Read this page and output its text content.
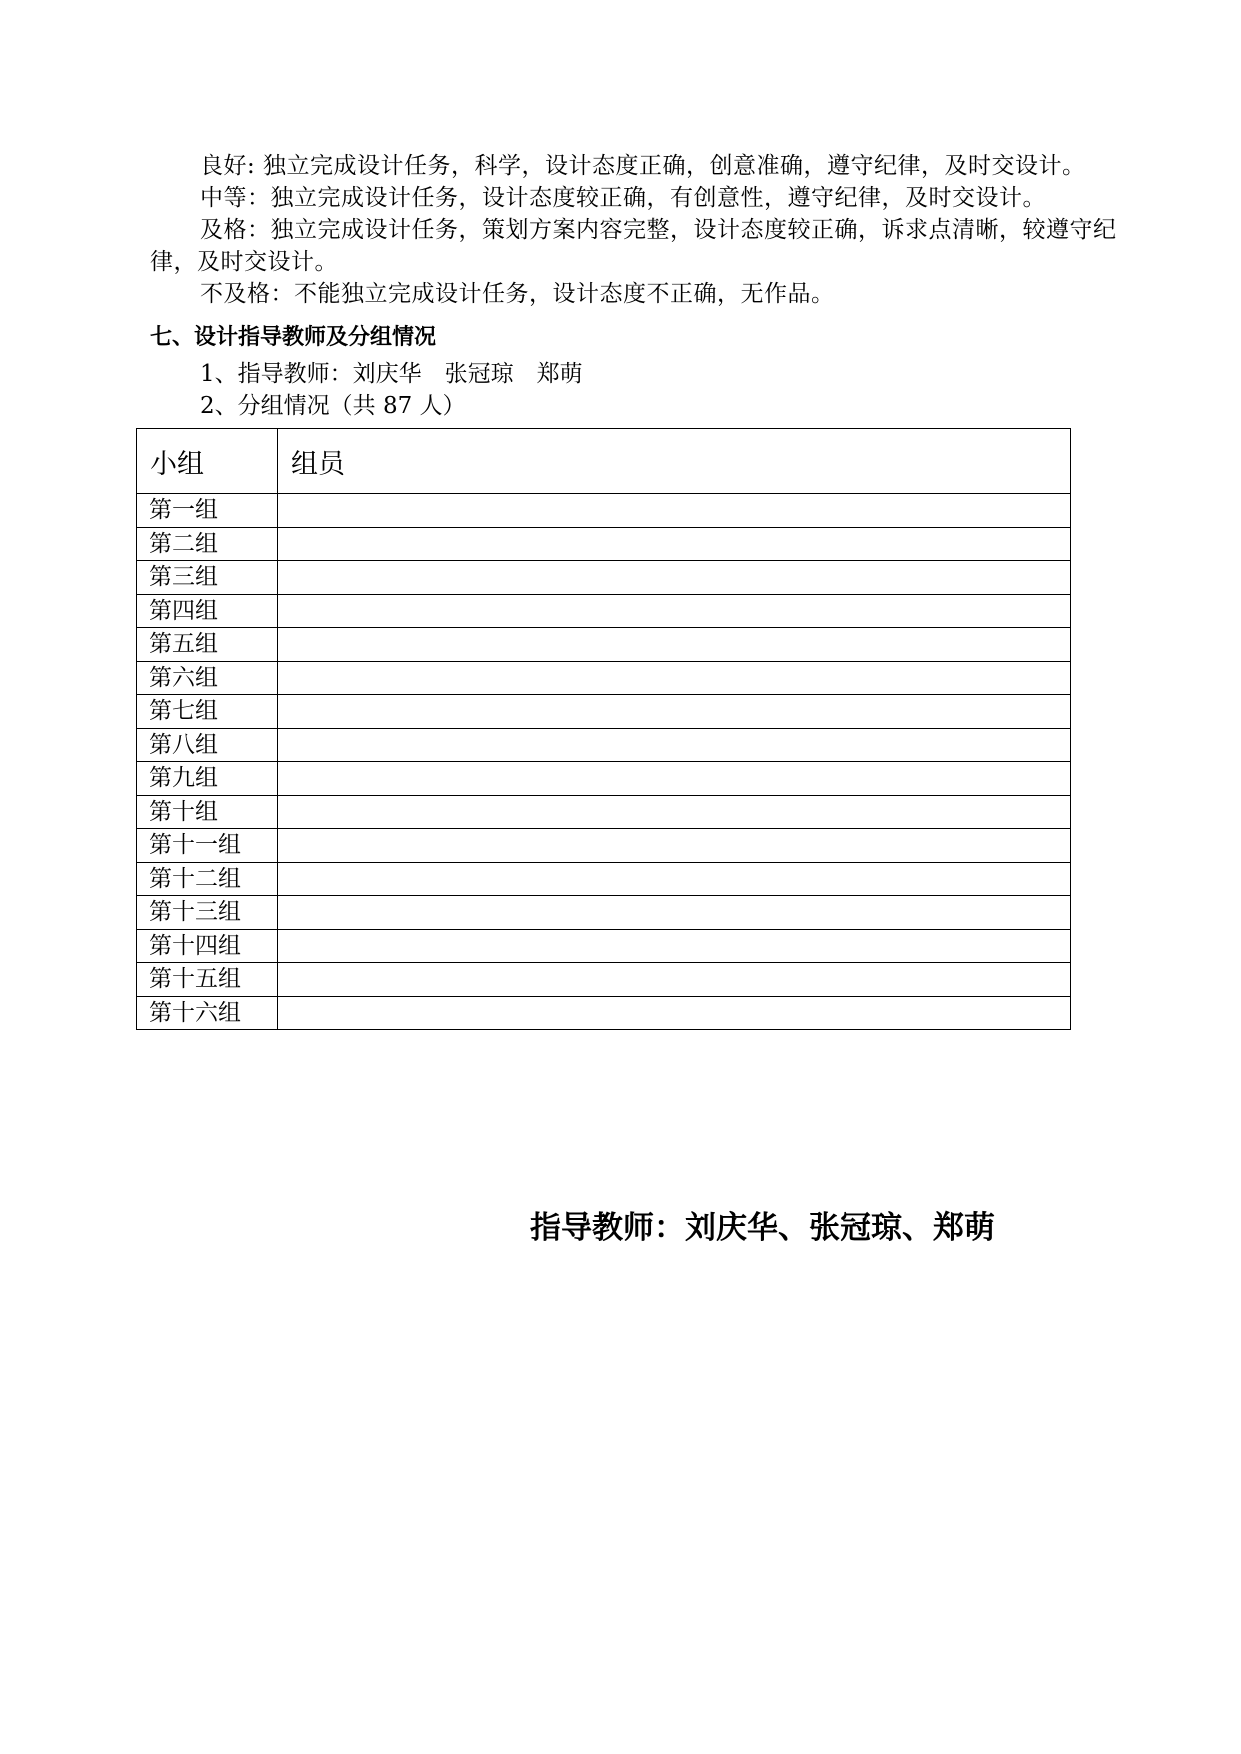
良好: 独立完成设计任务，科学，设计态度正确，创意准确，遵守纪律，及时交设计。
中等：独立完成设计任务，设计态度较正确，有创意性，遵守纪律，及时交设计。
及格：独立完成设计任务，策划方案内容完整，设计态度较正确，诉求点清晰，较遵守纪律，及时交设计。
不及格：不能独立完成设计任务，设计态度不正确，无作品。
七、设计指导教师及分组情况
1、指导教师：刘庆华　张冠琼　郑萌
2、分组情况（共 87 人）
小组	组员
第一组	
第二组	
第三组	
第四组	
第五组	
第六组	
第七组	
第八组	
第九组	
第十组	
第十一组	
第十二组	
第十三组	
第十四组	
第十五组	
第十六组	
指导教师：刘庆华、张冠琼、郑萌
